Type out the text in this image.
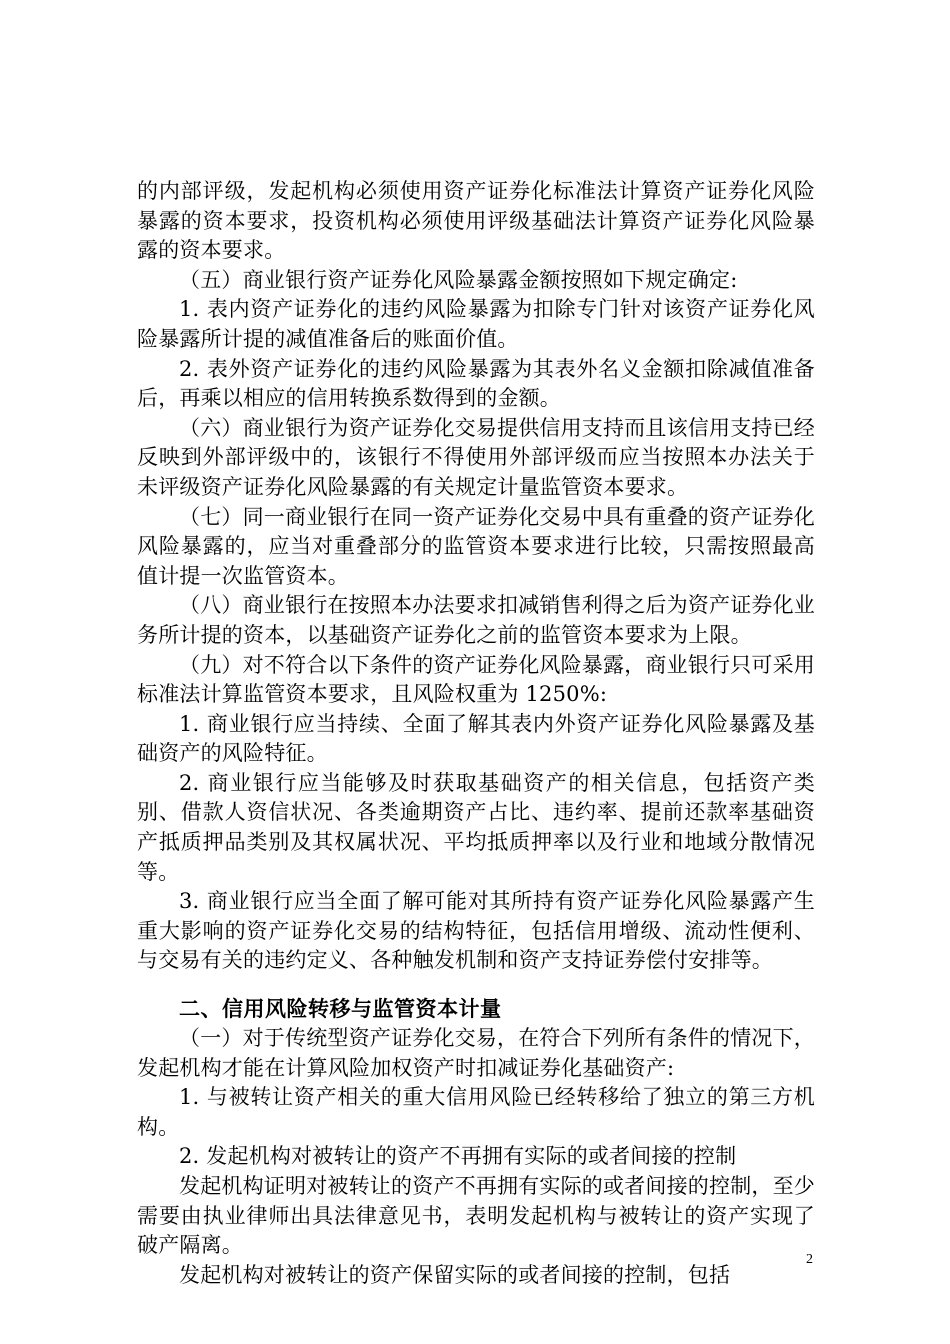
的内部评级，发起机构必须使用资产证券化标准法计算资产证券化风险暴露的资本要求，投资机构必须使用评级基础法计算资产证券化风险暴露的资本要求。

（五）商业银行资产证券化风险暴露金额按照如下规定确定:

1. 表内资产证券化的违约风险暴露为扣除专门针对该资产证券化风险暴露所计提的减值准备后的账面价值。

2. 表外资产证券化的违约风险暴露为其表外名义金额扣除减值准备后，再乘以相应的信用转换系数得到的金额。

（六）商业银行为资产证券化交易提供信用支持而且该信用支持已经反映到外部评级中的，该银行不得使用外部评级而应当按照本办法关于未评级资产证券化风险暴露的有关规定计量监管资本要求。

（七）同一商业银行在同一资产证券化交易中具有重叠的资产证券化风险暴露的，应当对重叠部分的监管资本要求进行比较，只需按照最高值计提一次监管资本。

（八）商业银行在按照本办法要求扣减销售利得之后为资产证券化业务所计提的资本，以基础资产证券化之前的监管资本要求为上限。

（九）对不符合以下条件的资产证券化风险暴露，商业银行只可采用标准法计算监管资本要求，且风险权重为 1250%:

1. 商业银行应当持续、全面了解其表内外资产证券化风险暴露及基础资产的风险特征。

2. 商业银行应当能够及时获取基础资产的相关信息，包括资产类别、借款人资信状况、各类逾期资产占比、违约率、提前还款率基础资产抵质押品类别及其权属状况、平均抵质押率以及行业和地域分散情况等。

3. 商业银行应当全面了解可能对其所持有资产证券化风险暴露产生重大影响的资产证券化交易的结构特征，包括信用增级、流动性便利、与交易有关的违约定义、各种触发机制和资产支持证券偿付安排等。

二、信用风险转移与监管资本计量

（一）对于传统型资产证券化交易，在符合下列所有条件的情况下，发起机构才能在计算风险加权资产时扣减证券化基础资产:

1. 与被转让资产相关的重大信用风险已经转移给了独立的第三方机构。

2. 发起机构对被转让的资产不再拥有实际的或者间接的控制

发起机构证明对被转让的资产不再拥有实际的或者间接的控制，至少需要由执业律师出具法律意见书，表明发起机构与被转让的资产实现了破产隔离。

发起机构对被转让的资产保留实际的或者间接的控制，包括

2
